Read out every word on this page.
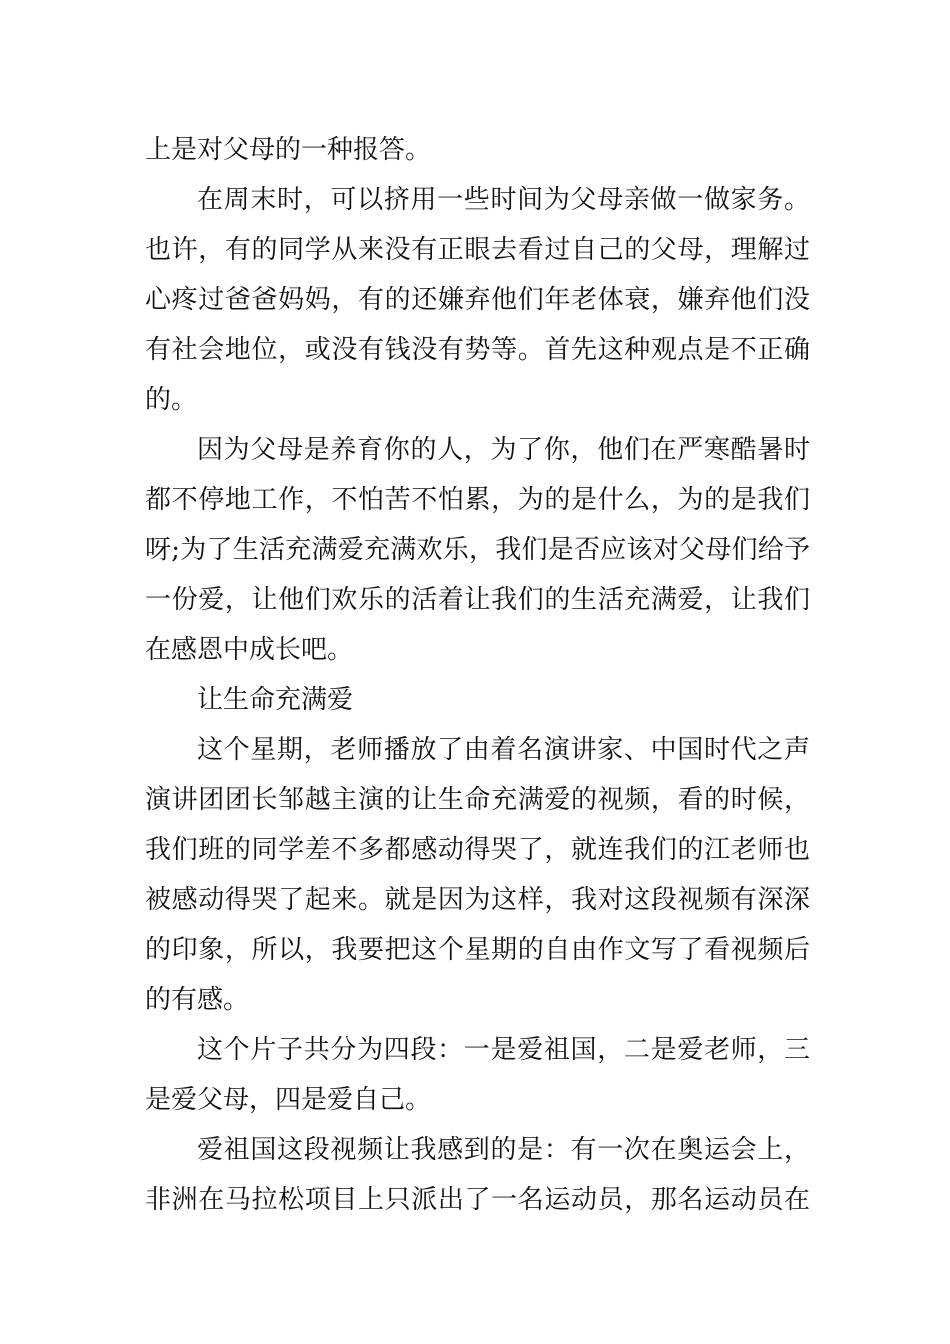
上是对父母的一种报答。
在周末时，可以挤用一些时间为父母亲做一做家务。
也许，有的同学从来没有正眼去看过自己的父母，理解过
心疼过爸爸妈妈，有的还嫌弃他们年老体衰，嫌弃他们没
有社会地位，或没有钱没有势等。首先这种观点是不正确
的。
因为父母是养育你的人，为了你，他们在严寒酷暑时
都不停地工作，不怕苦不怕累，为的是什么，为的是我们
呀;为了生活充满爱充满欢乐，我们是否应该对父母们给予
一份爱，让他们欢乐的活着让我们的生活充满爱，让我们
在感恩中成长吧。
让生命充满爱
这个星期，老师播放了由着名演讲家、中国时代之声
演讲团团长邹越主演的让生命充满爱的视频，看的时候，
我们班的同学差不多都感动得哭了，就连我们的江老师也
被感动得哭了起来。就是因为这样，我对这段视频有深深
的印象，所以，我要把这个星期的自由作文写了看视频后
的有感。
这个片子共分为四段：一是爱祖国，二是爱老师，三
是爱父母，四是爱自己。
爱祖国这段视频让我感到的是：有一次在奥运会上，
非洲在马拉松项目上只派出了一名运动员，那名运动员在
